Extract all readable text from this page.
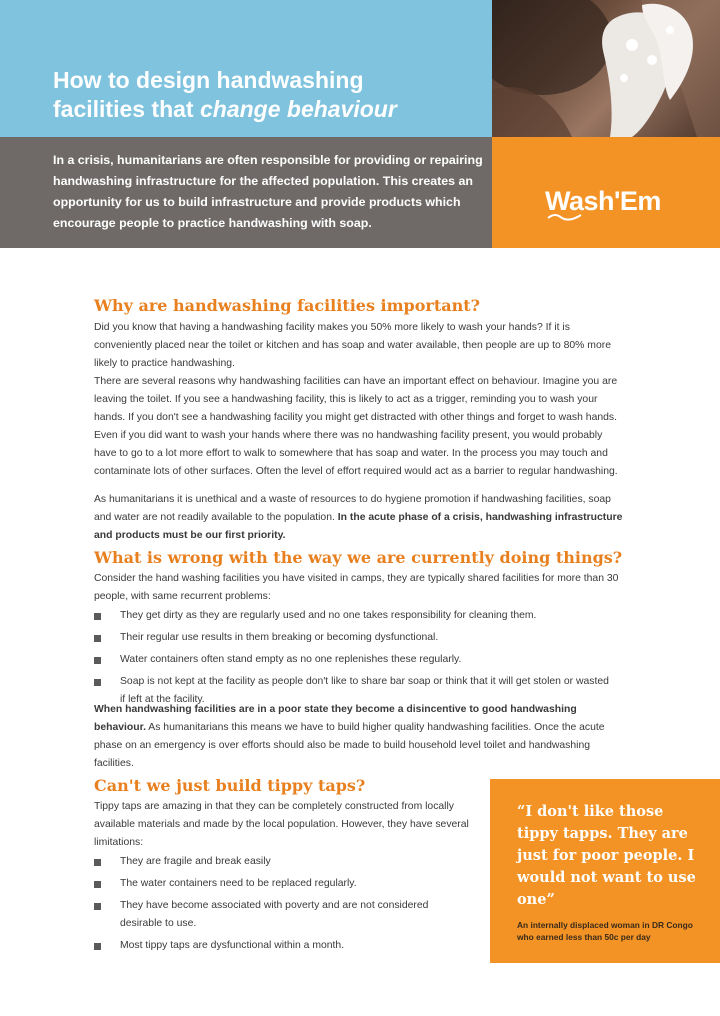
How to design handwashing
facilities that change behaviour

In a crisis, humanitarians are often responsible for providing or repairing handwashing infrastructure for the affected population. This creates an opportunity for us to build infrastructure and provide products which encourage people to practice handwashing with soap.

Wash'Em
Why are handwashing facilities important?

Did you know that having a handwashing facility makes you 50% more likely to wash your hands? If it is conveniently placed near the toilet or kitchen and has soap and water available, then people are up to 80% more likely to practice handwashing.

There are several reasons why handwashing facilities can have an important effect on behaviour. Imagine you are leaving the toilet. If you see a handwashing facility, this is likely to act as a trigger, reminding you to wash your hands. If you don't see a handwashing facility you might get distracted with other things and forget to wash hands. Even if you did want to wash your hands where there was no handwashing facility present, you would probably have to go to a lot more effort to walk to somewhere that has soap and water. In the process you may touch and contaminate lots of other surfaces. Often the level of effort required would act as a barrier to regular handwashing.

As humanitarians it is unethical and a waste of resources to do hygiene promotion if handwashing facilities, soap and water are not readily available to the population. In the acute phase of a crisis, handwashing infrastructure and products must be our first priority.

What is wrong with the way we are currently doing things?

Consider the hand washing facilities you have visited in camps, they are typically shared facilities for more than 30 people, with same recurrent problems:

They get dirty as they are regularly used and no one takes responsibility for cleaning them.
Their regular use results in them breaking or becoming dysfunctional.
Water containers often stand empty as no one replenishes these regularly.
Soap is not kept at the facility as people don't like to share bar soap or think that it will get stolen or wasted if left at the facility.

When handwashing facilities are in a poor state they become a disincentive to good handwashing behaviour. As humanitarians this means we have to build higher quality handwashing facilities. Once the acute phase on an emergency is over efforts should also be made to build household level toilet and handwashing facilities.

Can't we just build tippy taps?

Tippy taps are amazing in that they can be completely constructed from locally available materials and made by the local population. However, they have several limitations:

They are fragile and break easily
The water containers need to be replaced regularly.
They have become associated with poverty and are not considered desirable to use.
Most tippy taps are dysfunctional within a month.

“I don't like those tippy tapps. They are just for poor people. I would not want to use one”

An internally displaced woman in DR Congo who earned less than 50c per day
